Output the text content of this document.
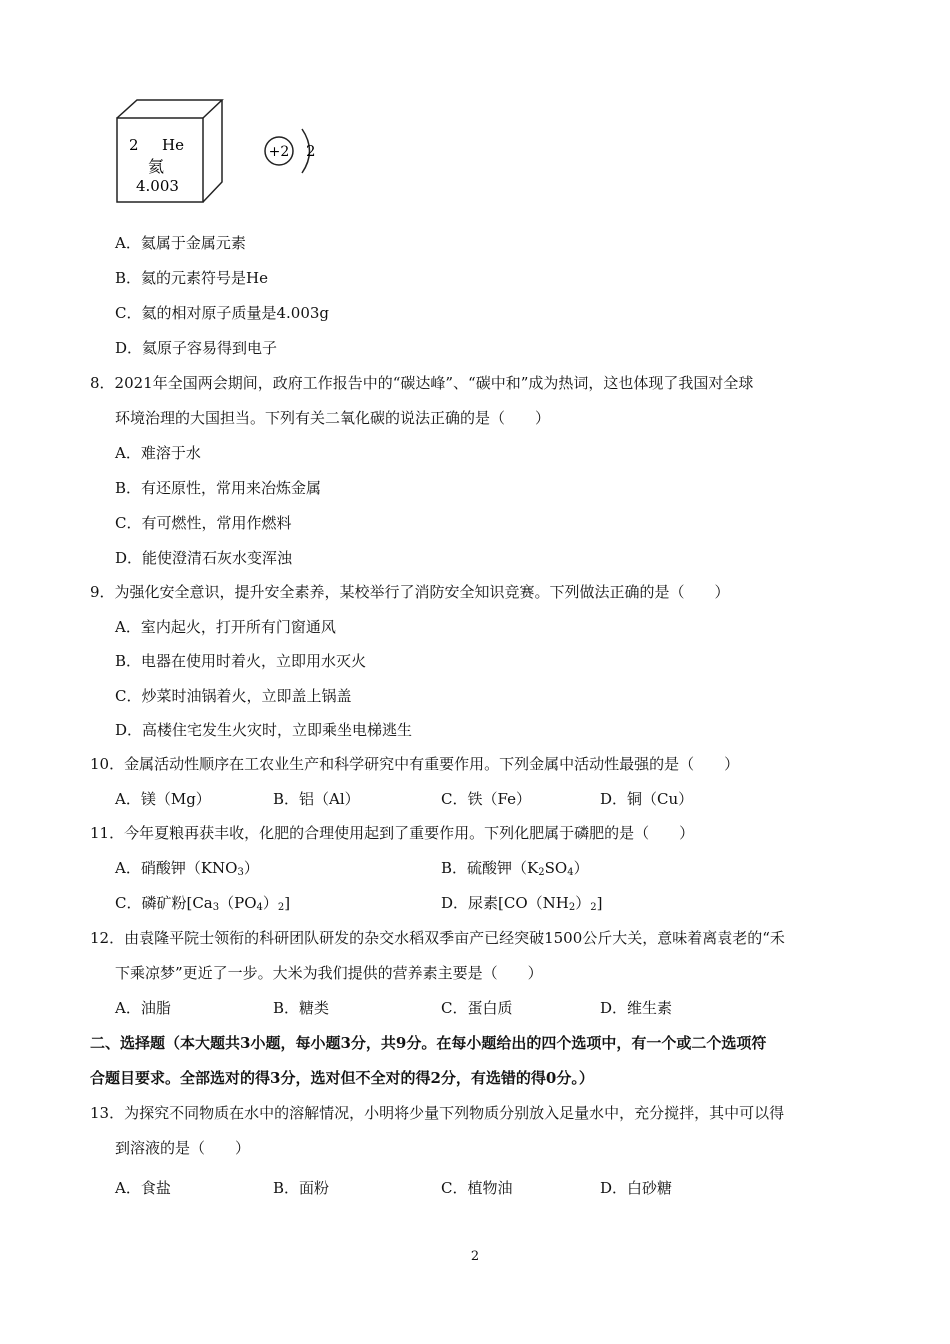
2 He
氦
4.003
+2 2
A．氦属于金属元素
B．氦的元素符号是He
C．氦的相对原子质量是4.003g
D．氦原子容易得到电子
8．2021年全国两会期间，政府工作报告中的“碳达峰”、“碳中和”成为热词，这也体现了我国对全球
环境治理的大国担当。下列有关二氧化碳的说法正确的是（　　）
A．难溶于水
B．有还原性，常用来冶炼金属
C．有可燃性，常用作燃料
D．能使澄清石灰水变浑浊
9．为强化安全意识，提升安全素养，某校举行了消防安全知识竞赛。下列做法正确的是（　　）
A．室内起火，打开所有门窗通风
B．电器在使用时着火，立即用水灭火
C．炒菜时油锅着火，立即盖上锅盖
D．高楼住宅发生火灾时，立即乘坐电梯逃生
10．金属活动性顺序在工农业生产和科学研究中有重要作用。下列金属中活动性最强的是（　　）
A．镁（Mg）	B．铝（Al）	C．铁（Fe）	D．铜（Cu）
11．今年夏粮再获丰收，化肥的合理使用起到了重要作用。下列化肥属于磷肥的是（　　）
A．硝酸钾$(KNO_3)$	B．硫酸钾$(K_2SO_4)$
C．磷矿粉$[Ca_3(PO_4)_2]$	D．尿素$[CO(NH_2)_2]$
12．由袁隆平院士领衔的科研团队研发的杂交水稻双季亩产已经突破1500公斤大关，意味着离袁老的“禾
下乘凉梦”更近了一步。大米为我们提供的营养素主要是（　　）
A．油脂	B．糖类	C．蛋白质	D．维生素
二、选择题（本大题共3小题，每小题3分，共9分。在每小题给出的四个选项中，有一个或二个选项符
合题目要求。全部选对的得3分，选对但不全对的得2分，有选错的得0分。）
13．为探究不同物质在水中的溶解情况，小明将少量下列物质分别放入足量水中，充分搅拌，其中可以得
到溶液的是（　　）
A．食盐	B．面粉	C．植物油	D．白砂糖
2
